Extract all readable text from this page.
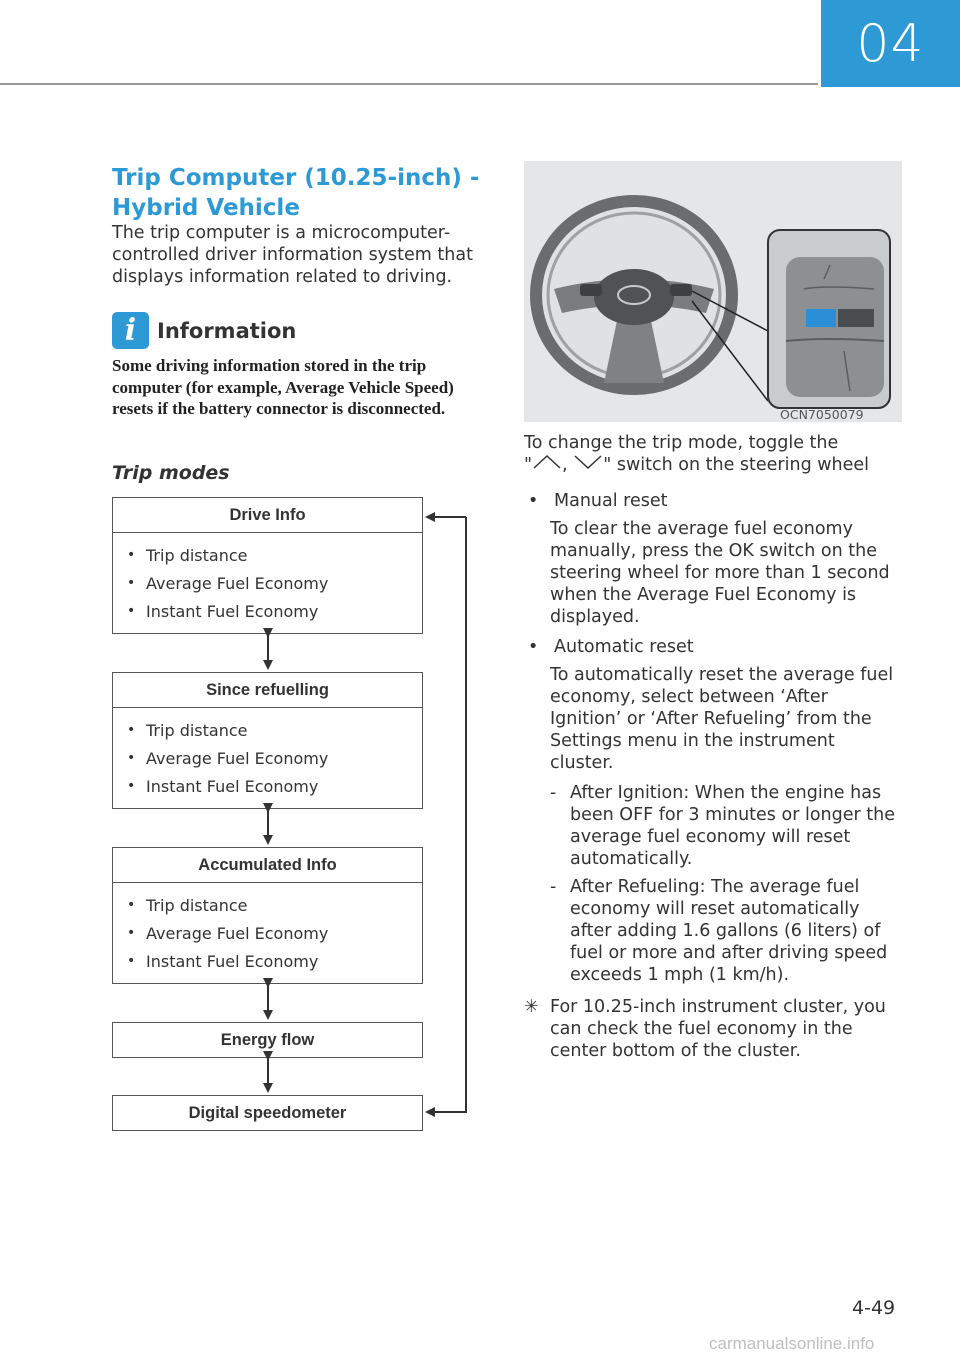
04
Trip Computer (10.25-inch) - Hybrid Vehicle
The trip computer is a microcomputer-controlled driver information system that displays information related to driving.
i Information
Some driving information stored in the trip computer (for example, Average Vehicle Speed) resets if the battery connector is disconnected.
Trip modes
Drive Info
• Trip distance
• Average Fuel Economy
• Instant Fuel Economy
Since refuelling
• Trip distance
• Average Fuel Economy
• Instant Fuel Economy
Accumulated Info
• Trip distance
• Average Fuel Economy
• Instant Fuel Economy
Energy flow
Digital speedometer
OCN7050079

To change the trip mode, toggle the
" , " switch on the steering wheel

• Manual reset
To clear the average fuel economy manually, press the OK switch on the steering wheel for more than 1 second when the Average Fuel Economy is displayed.
• Automatic reset
To automatically reset the average fuel economy, select between ‘After Ignition’ or ‘After Refueling’ from the Settings menu in the instrument cluster.
- After Ignition: When the engine has been OFF for 3 minutes or longer the average fuel economy will reset automatically.
- After Refueling: The average fuel economy will reset automatically after adding 1.6 gallons (6 liters) of fuel or more and after driving speed exceeds 1 mph (1 km/h).
✳ For 10.25-inch instrument cluster, you can check the fuel economy in the center bottom of the cluster.
4-49
carmanualsonline.info
